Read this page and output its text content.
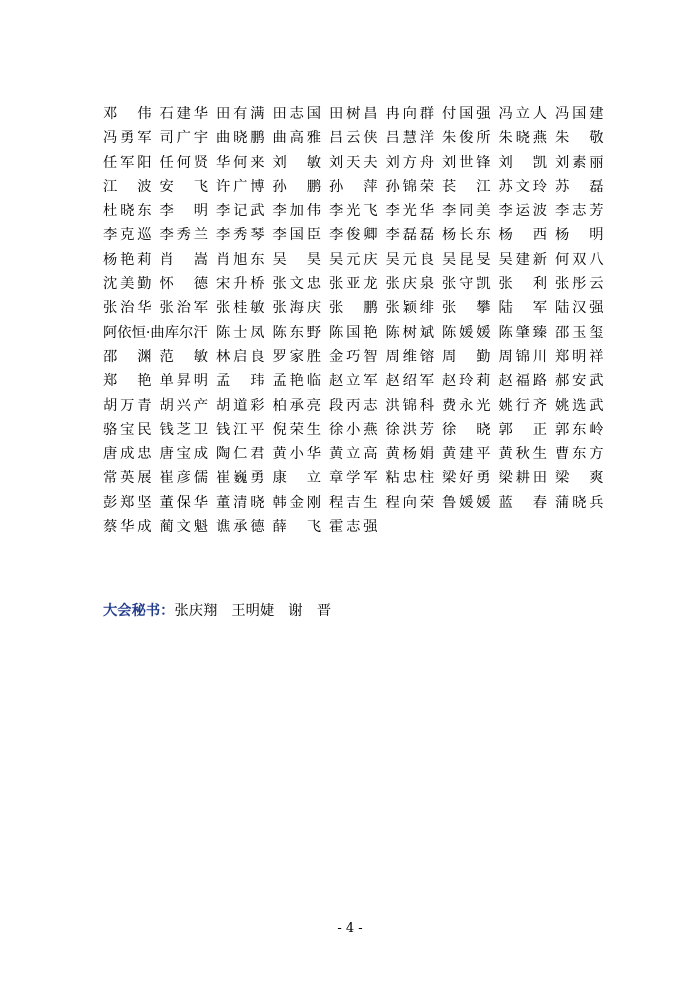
邓　伟 石建华 田有满 田志国 田树昌 冉向群 付国强 冯立人 冯国建
冯勇军 司广宇 曲晓鹏 曲高雅 吕云侠 吕慧洋 朱俊所 朱晓燕 朱　敬
任军阳 任何贤 华何来 刘　敏 刘天夫 刘方舟 刘世锋 刘　凯 刘素丽
江　波 安　飞 许广博 孙　鹏 孙　萍 孙锦荣 苌　江 苏文玲 苏　磊
杜晓东 李　明 李记武 李加伟 李光飞 李光华 李同美 李运波 李志芳
李克巡 李秀兰 李秀琴 李国臣 李俊卿 李磊磊 杨长东 杨　西 杨　明
杨艳莉 肖　嵩 肖旭东 吴　昊 吴元庆 吴元良 吴昆旻 吴建新 何双八
沈美勤 怀　德 宋升桥 张文忠 张亚龙 张庆泉 张守凯 张　利 张彤云
张治华 张治军 张桂敏 张海庆 张　鹏 张颖绯 张　攀 陆　军 陆汉强
阿依恒·曲库尔汗 陈士凤 陈东野 陈国艳 陈树斌 陈媛媛 陈肇臻 邵玉玺
邵　渊 范　敏 林启良 罗家胜 金巧智 周维镕 周　勤 周锦川 郑明祥
郑　艳 单昇明 孟　玮 孟艳临 赵立军 赵绍军 赵玲莉 赵福路 郝安武
胡万青 胡兴产 胡道彩 柏承亮 段丙志 洪锦科 费永光 姚行齐 姚选武
骆宝民 钱芝卫 钱江平 倪荣生 徐小燕 徐洪芳 徐　晓 郭　正 郭东岭
唐成忠 唐宝成 陶仁君 黄小华 黄立高 黄杨娟 黄建平 黄秋生 曹东方
常英展 崔彦儒 崔巍勇 康　立 章学军 粘忠柱 梁好勇 梁耕田 梁　爽
彭郑坚 董保华 董清晓 韩金刚 程吉生 程向荣 鲁媛媛 蓝　春 蒲晓兵
蔡华成 蔺文魁 谯承德 薛　飞 霍志强
大会秘书：张庆翔 王明婕 谢　晋
- 4 -
